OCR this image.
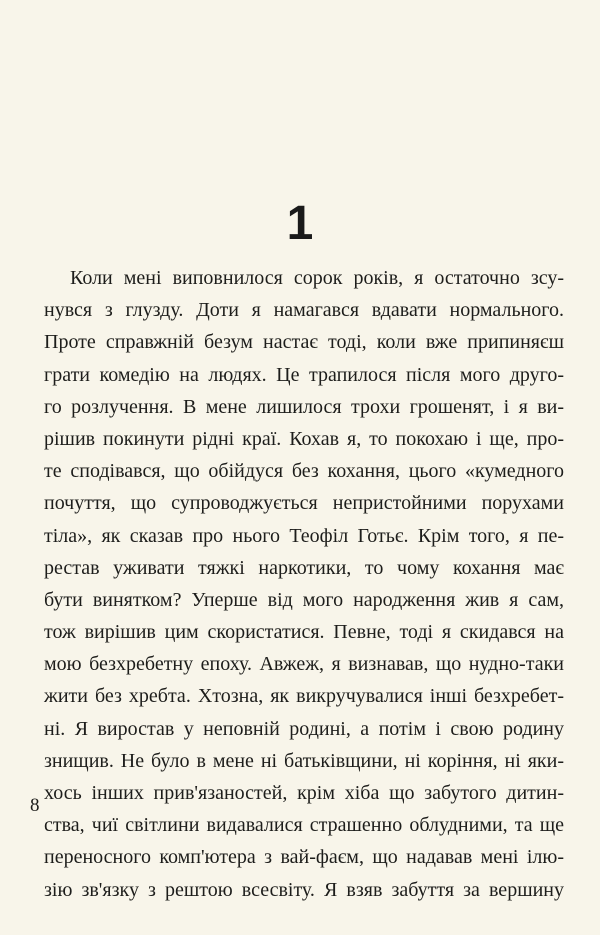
1
Коли мені виповнилося сорок років, я остаточно зсу-
нувся з глузду. Доти я намагався вдавати нормального.
Проте справжній безум настає тоді, коли вже припиняєш
грати комедію на людях. Це трапилося після мого друго-
го розлучення. В мене лишилося трохи грошенят, і я ви-
рішив покинути рідні краї. Кохав я, то покохаю і ще, про-
те сподівався, що обійдуся без кохання, цього «кумедного
почуття, що супроводжується непристойними порухами
тіла», як сказав про нього Теофіл Готьє. Крім того, я пе-
рестав уживати тяжкі наркотики, то чому кохання має
бути винятком? Уперше від мого народження жив я сам,
тож вирішив цим скористатися. Певне, тоді я скидався на
мою безхребетну епоху. Авжеж, я визнавав, що нудно-таки
жити без хребта. Хтозна, як викручувалися інші безхребет-
ні. Я виростав у неповній родині, а потім і свою родину
знищив. Не було в мене ні батьківщини, ні коріння, ні яки-
хось інших прив'язаностей, крім хіба що забутого дитин-
ства, чиї світлини видавалися страшенно облудними, та ще
переносного комп'ютера з вай-фаєм, що надавав мені ілю-
зію зв'язку з рештою всесвіту. Я взяв забуття за вершину
8
